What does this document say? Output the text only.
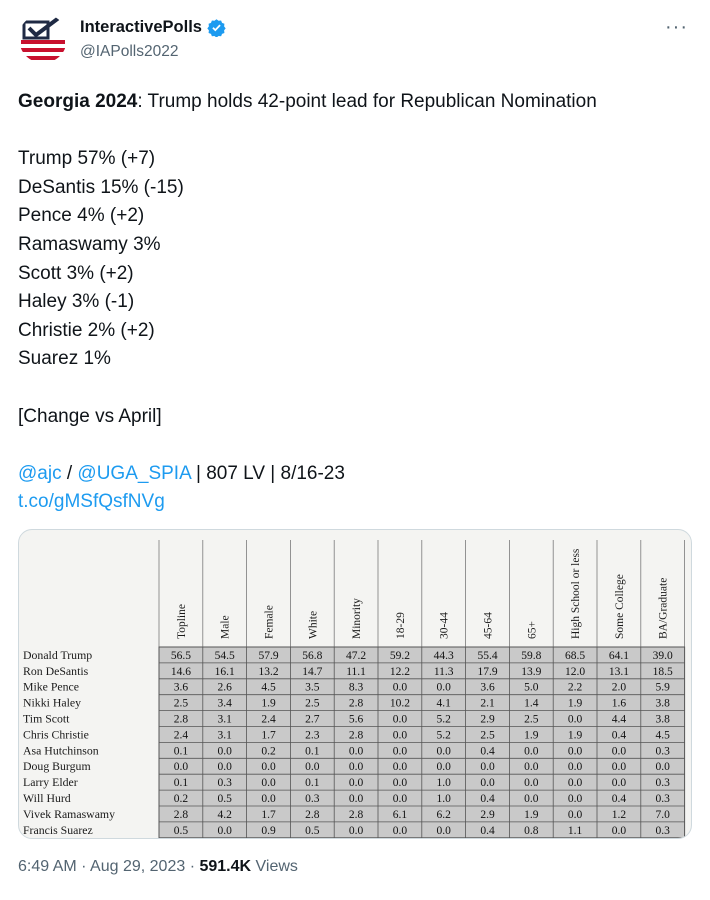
InteractivePolls
@IAPolls2022
···
Georgia 2024: Trump holds 42-point lead for Republican Nomination
Trump 57% (+7)
DeSantis 15% (-15)
Pence 4% (+2)
Ramaswamy 3%
Scott 3% (+2)
Haley 3% (-1)
Christie 2% (+2)
Suarez 1%
[Change vs April]
@ajc / @UGA_SPIA | 807 LV | 8/16-23
t.co/gMSfQsfNVg
Topline	Male	Female	White	Minority	18-29	30-44	45-64	65+	High School or less	Some College	BA/Graduate
Donald Trump	56.5 54.5 57.9 56.8 47.2 59.2 44.3 55.4 59.8 68.5 64.1 39.0
Ron DeSantis	14.6 16.1 13.2 14.7 11.1 12.2 11.3 17.9 13.9 12.0 13.1 18.5
Mike Pence	3.6	2.6	4.5	3.5	8.3	0.0	0.0	3.6	5.0	2.2	2.0	5.9
Nikki Haley	2.5	3.4	1.9	2.5	2.8 10.2 4.1	2.1	1.4	1.9	1.6	3.8
Tim Scott	2.8	3.1	2.4	2.7	5.6	0.0	5.2	2.9	2.5	0.0	4.4	3.8
Chris Christie	2.4	3.1	1.7	2.3	2.8	0.0	5.2	2.5	1.9	1.9	0.4	4.5
Asa Hutchinson	0.1	0.0	0.2	0.1	0.0	0.0	0.0	0.4	0.0	0.0	0.0	0.3
Doug Burgum	0.0	0.0	0.0	0.0	0.0	0.0	0.0	0.0	0.0	0.0	0.0	0.0
Larry Elder	0.1	0.3	0.0	0.1	0.0	0.0	1.0	0.0	0.0	0.0	0.0	0.3
Will Hurd	0.2	0.5	0.0	0.3	0.0	0.0	1.0	0.4	0.0	0.0	0.4	0.3
Vivek Ramaswamy	2.8	4.2	1.7	2.8	2.8	6.1	6.2	2.9	1.9	0.0	1.2	7.0
Francis Suarez	0.5	0.0	0.9	0.5	0.0	0.0	0.0	0.4	0.8	1.1	0.0	0.3
6:49 AM · Aug 29, 2023 · 591.4K Views
